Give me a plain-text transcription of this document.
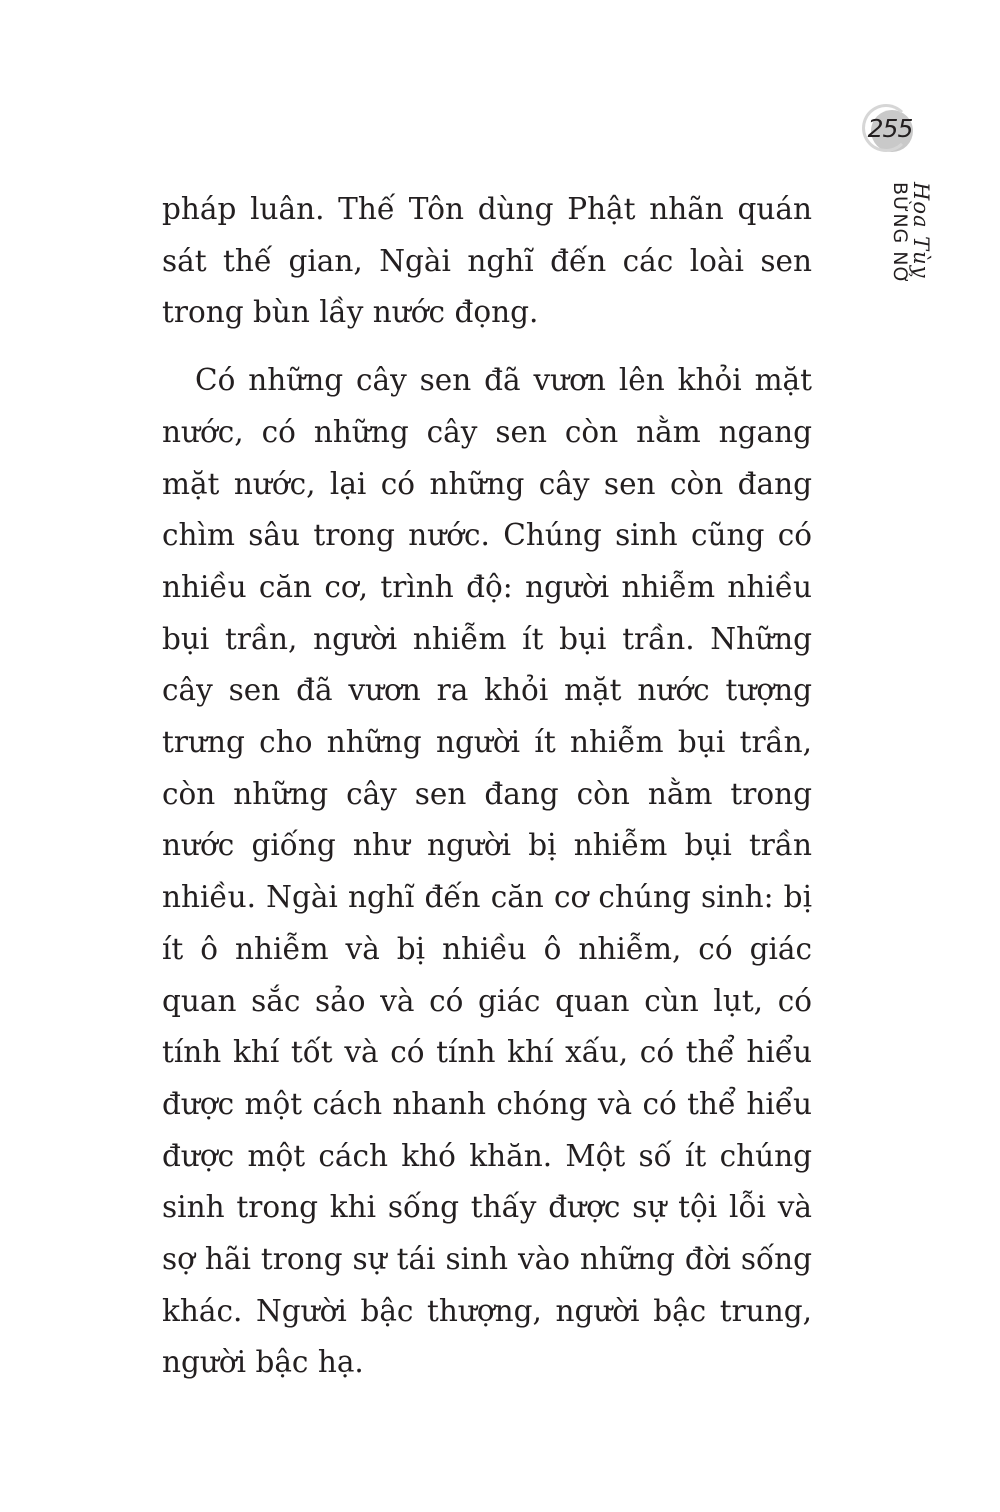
255
Hoa Tùy
BỪNG NỞ

pháp luân. Thế Tôn dùng Phật nhãn quán sát thế gian, Ngài nghĩ đến các loài sen trong bùn lầy nước đọng.

Có những cây sen đã vươn lên khỏi mặt nước, có những cây sen còn nằm ngang mặt nước, lại có những cây sen còn đang chìm sâu trong nước. Chúng sinh cũng có nhiều căn cơ, trình độ: người nhiễm nhiều bụi trần, người nhiễm ít bụi trần. Những cây sen đã vươn ra khỏi mặt nước tượng trưng cho những người ít nhiễm bụi trần, còn những cây sen đang còn nằm trong nước giống như người bị nhiễm bụi trần nhiều. Ngài nghĩ đến căn cơ chúng sinh: bị ít ô nhiễm và bị nhiều ô nhiễm, có giác quan sắc sảo và có giác quan cùn lụt, có tính khí tốt và có tính khí xấu, có thể hiểu được một cách nhanh chóng và có thể hiểu được một cách khó khăn. Một số ít chúng sinh trong khi sống thấy được sự tội lỗi và sợ hãi trong sự tái sinh vào những đời sống khác. Người bậc thượng, người bậc trung, người bậc hạ.
